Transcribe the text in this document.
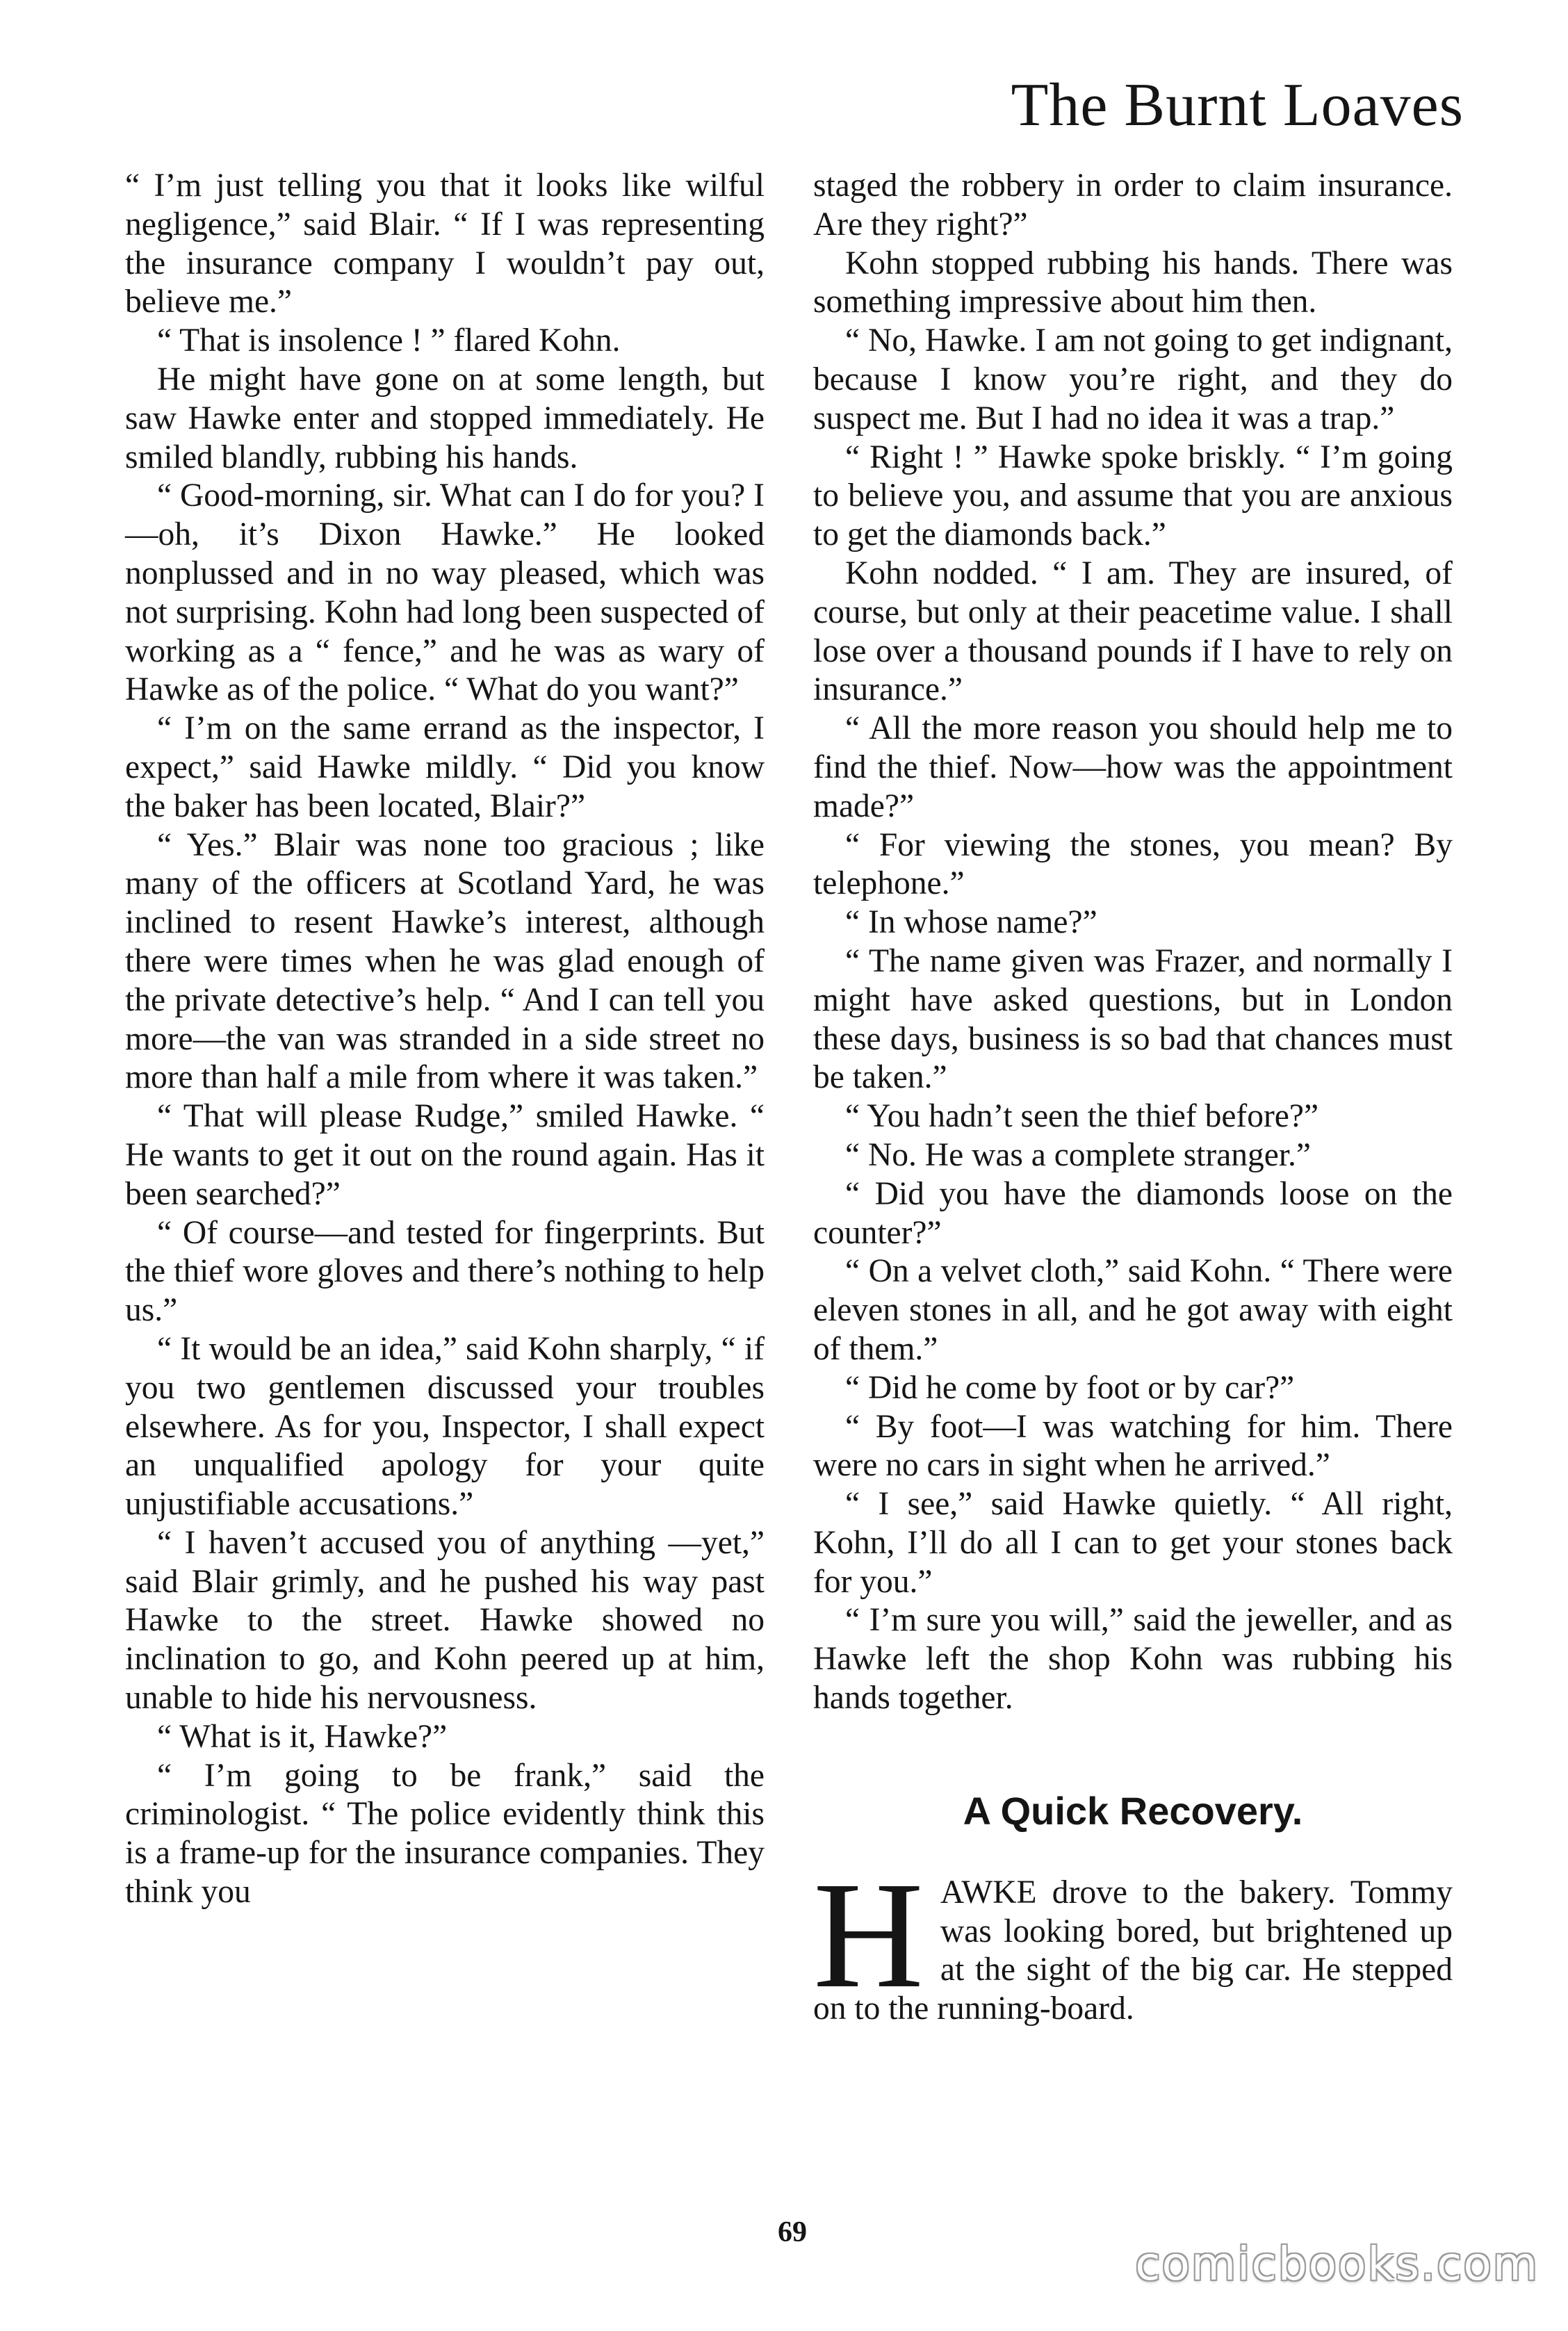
The Burnt Loaves

“ I’m just telling you that it looks like wilful negligence,” said Blair. “ If I was representing the insurance company I wouldn’t pay out, believe me.”

“ That is insolence ! ” flared Kohn.

He might have gone on at some length, but saw Hawke enter and stopped immediately. He smiled blandly, rubbing his hands.

“ Good-morning, sir. What can I do for you? I—oh, it’s Dixon Hawke.” He looked nonplussed and in no way pleased, which was not surprising. Kohn had long been suspected of working as a “ fence,” and he was as wary of Hawke as of the police. “ What do you want?”

“ I’m on the same errand as the inspector, I expect,” said Hawke mildly. “ Did you know the baker has been located, Blair?”

“ Yes.” Blair was none too gracious ; like many of the officers at Scotland Yard, he was inclined to resent Hawke’s interest, although there were times when he was glad enough of the private detective’s help. “ And I can tell you more—the van was stranded in a side street no more than half a mile from where it was taken.”

“ That will please Rudge,” smiled Hawke. “ He wants to get it out on the round again. Has it been searched?”

“ Of course—and tested for fingerprints. But the thief wore gloves and there’s nothing to help us.”

“ It would be an idea,” said Kohn sharply, “ if you two gentlemen discussed your troubles elsewhere. As for you, Inspector, I shall expect an unqualified apology for your quite unjustifiable accusations.”

“ I haven’t accused you of anything —yet,” said Blair grimly, and he pushed his way past Hawke to the street. Hawke showed no inclination to go, and Kohn peered up at him, unable to hide his nervousness.

“ What is it, Hawke?”

“ I’m going to be frank,” said the criminologist. “ The police evidently think this is a frame-up for the insurance companies. They think you

staged the robbery in order to claim insurance. Are they right?”

Kohn stopped rubbing his hands. There was something impressive about him then.

“ No, Hawke. I am not going to get indignant, because I know you’re right, and they do suspect me. But I had no idea it was a trap.”

“ Right ! ” Hawke spoke briskly. “ I’m going to believe you, and assume that you are anxious to get the diamonds back.”

Kohn nodded. “ I am. They are insured, of course, but only at their peacetime value. I shall lose over a thousand pounds if I have to rely on insurance.”

“ All the more reason you should help me to find the thief. Now—how was the appointment made?”

“ For viewing the stones, you mean? By telephone.”

“ In whose name?”

“ The name given was Frazer, and normally I might have asked questions, but in London these days, business is so bad that chances must be taken.”

“ You hadn’t seen the thief before?”

“ No. He was a complete stranger.”

“ Did you have the diamonds loose on the counter?”

“ On a velvet cloth,” said Kohn. “ There were eleven stones in all, and he got away with eight of them.”

“ Did he come by foot or by car?”

“ By foot—I was watching for him. There were no cars in sight when he arrived.”

“ I see,” said Hawke quietly. “ All right, Kohn, I’ll do all I can to get your stones back for you.”

“ I’m sure you will,” said the jeweller, and as Hawke left the shop Kohn was rubbing his hands together.

A Quick Recovery.

HAWKE drove to the bakery. Tommy was looking bored, but brightened up at the sight of the big car. He stepped on to the running-board.

69
comicbooks.com
